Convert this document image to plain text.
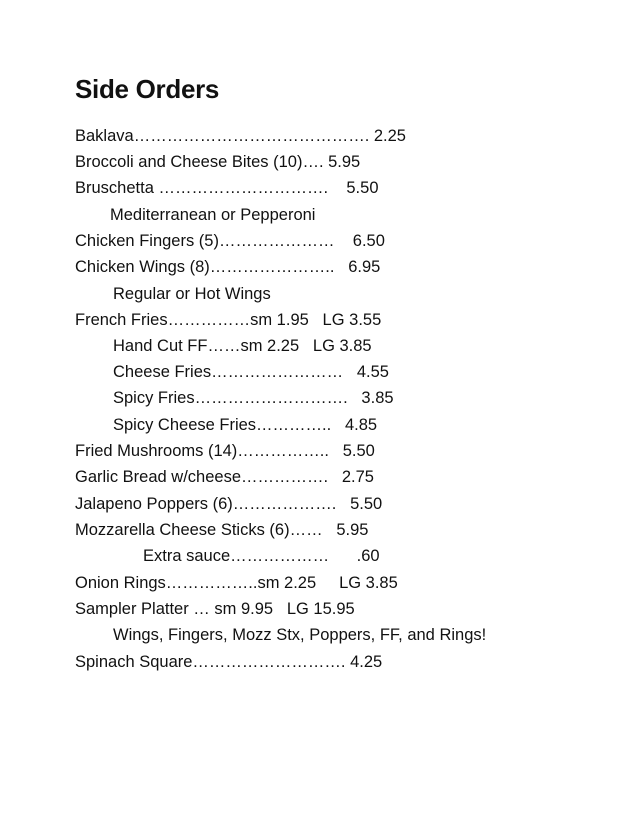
Side Orders
Baklava……………………………………. 2.25
Broccoli and Cheese Bites (10)…. 5.95
Bruschetta ………………………….    5.50
Mediterranean or Pepperoni
Chicken Fingers (5)…………………    6.50
Chicken Wings (8)…………………..   6.95
Regular or Hot Wings
French Fries……………sm 1.95   LG 3.55
Hand Cut FF……sm 2.25   LG 3.85
Cheese Fries……………………   4.55
Spicy Fries……………………….   3.85
Spicy Cheese Fries…………..   4.85
Fried Mushrooms (14)……………..   5.50
Garlic Bread w/cheese…………….   2.75
Jalapeno Poppers (6)……………….   5.50
Mozzarella Cheese Sticks (6)……   5.95
Extra sauce………………      .60
Onion Rings……………..sm 2.25     LG 3.85
Sampler Platter … sm 9.95   LG 15.95
Wings, Fingers, Mozz Stx, Poppers, FF, and Rings!
Spinach Square………………………. 4.25
